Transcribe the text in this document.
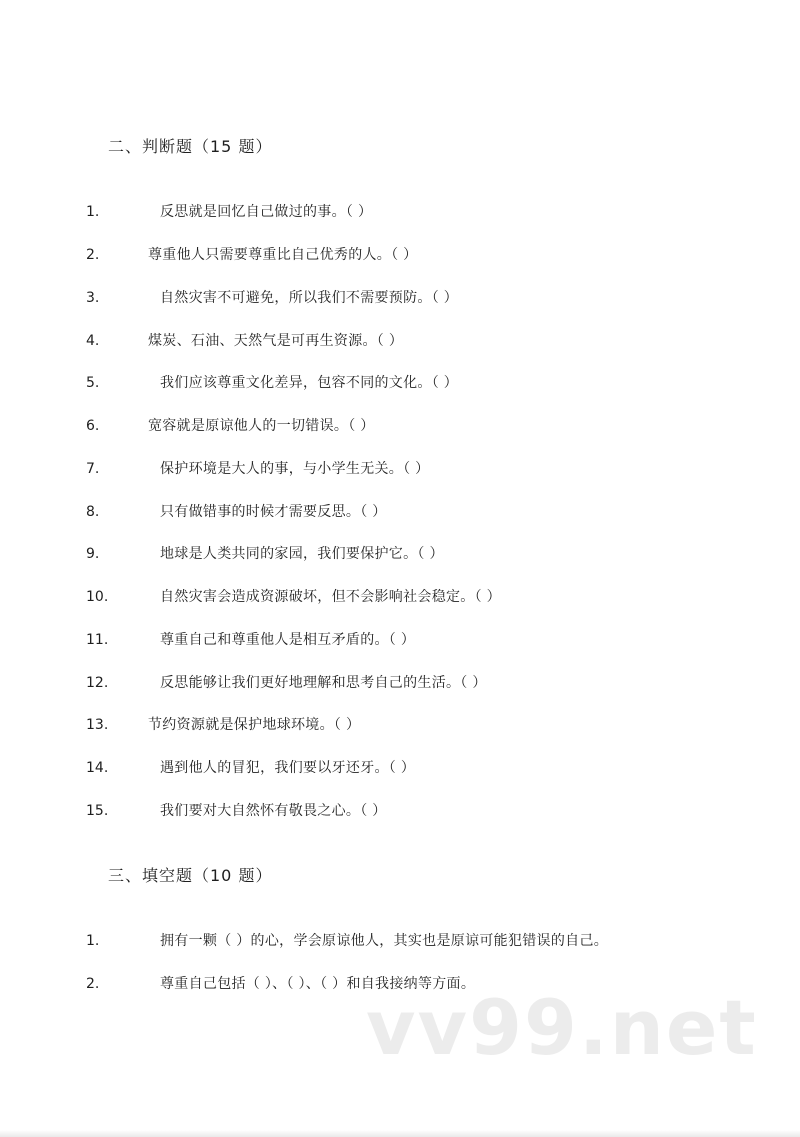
二、判断题（15 题）
1.	反思就是回忆自己做过的事。（ ）
2.	尊重他人只需要尊重比自己优秀的人。（ ）
3.	自然灾害不可避免，所以我们不需要预防。（ ）
4.	煤炭、石油、天然气是可再生资源。（ ）
5.	我们应该尊重文化差异，包容不同的文化。（ ）
6.	宽容就是原谅他人的一切错误。（ ）
7.	保护环境是大人的事，与小学生无关。（ ）
8.	只有做错事的时候才需要反思。（ ）
9.	地球是人类共同的家园，我们要保护它。（ ）
10.	自然灾害会造成资源破坏，但不会影响社会稳定。（ ）
11.	尊重自己和尊重他人是相互矛盾的。（ ）
12.	反思能够让我们更好地理解和思考自己的生活。（ ）
13.	节约资源就是保护地球环境。（ ）
14.	遇到他人的冒犯，我们要以牙还牙。（ ）
15.	我们要对大自然怀有敬畏之心。（ ）
三、填空题（10 题）
1.	拥有一颗（ ）的心，学会原谅他人，其实也是原谅可能犯错误的自己。
2.	尊重自己包括（ ）、（ ）、（ ）和自我接纳等方面。
vv99.net
